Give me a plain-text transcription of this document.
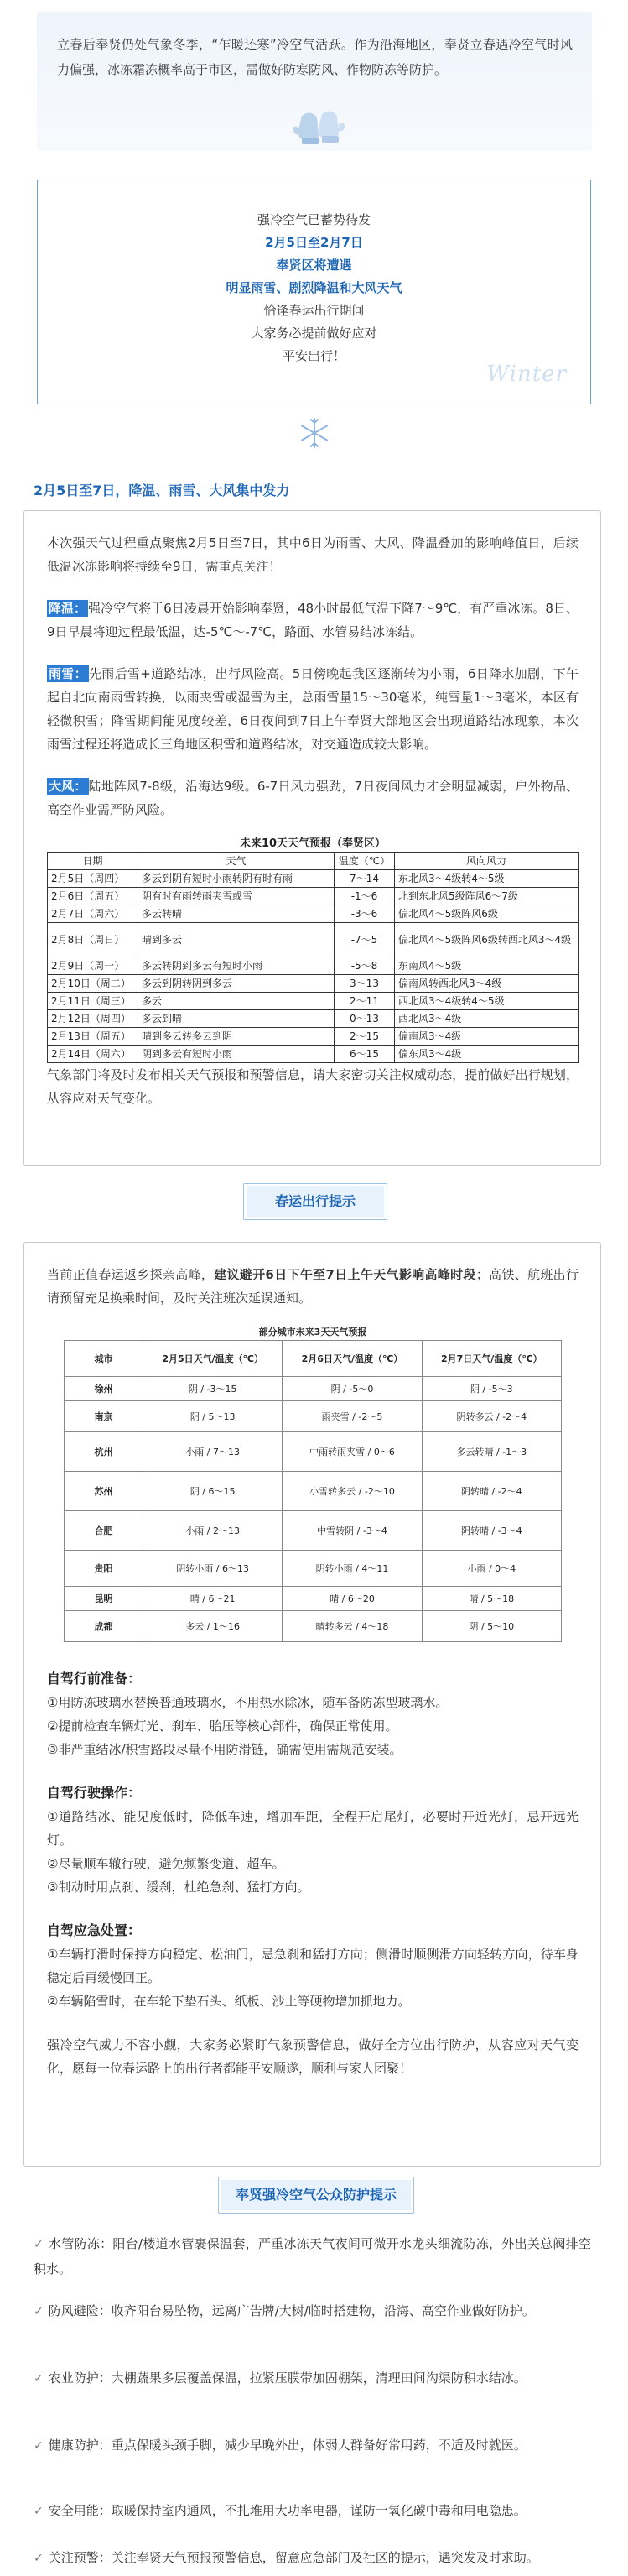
立春后奉贤仍处气象冬季，“乍暖还寒”冷空气活跃。作为沿海地区，奉贤立春遇冷空气时风力偏强，冰冻霜冻概率高于市区，需做好防寒防风、作物防冻等防护。

强冷空气已蓄势待发
2月5日至2月7日
奉贤区将遭遇
明显雨雪、剧烈降温和大风天气
恰逢春运出行期间
大家务必提前做好应对
平安出行！
Winter
2月5日至7日，降温、雨雪、大风集中发力

本次强天气过程重点聚焦2月5日至7日，其中6日为雨雪、大风、降温叠加的影响峰值日，后续低温冰冻影响将持续至9日，需重点关注！

降温： 强冷空气将于6日凌晨开始影响奉贤，48小时最低气温下降7～9℃，有严重冰冻。8日、9日早晨将迎过程最低温，达-5℃～-7℃，路面、水管易结冰冻结。

雨雪： 先雨后雪+道路结冰，出行风险高。5日傍晚起我区逐渐转为小雨，6日降水加剧，下午起自北向南雨雪转换，以雨夹雪或湿雪为主，总雨雪量15～30毫米，纯雪量1～3毫米，本区有轻微积雪；降雪期间能见度较差，6日夜间到7日上午奉贤大部地区会出现道路结冰现象，本次雨雪过程还将造成长三角地区积雪和道路结冰，对交通造成较大影响。

大风： 陆地阵风7-8级，沿海达9级。6-7日风力强劲，7日夜间风力才会明显减弱，户外物品、高空作业需严防风险。

未来10天天气预报（奉贤区）
日期	天气	温度（℃）	风向风力
2月5日（周四）	多云到阴有短时小雨转阴有时有雨	7～14	东北风3～4级转4～5级
2月6日（周五）	阴有时有雨转雨夹雪或雪	-1～6	北到东北风5级阵风6～7级
2月7日（周六）	多云转晴	-3～6	偏北风4～5级阵风6级
2月8日（周日）	晴到多云	-7～5	偏北风4～5级阵风6级转西北风3～4级
2月9日（周一）	多云转阴到多云有短时小雨	-5～8	东南风4～5级
2月10日（周二）	多云到阴转阴到多云	3～13	偏南风转西北风3～4级
2月11日（周三）	多云	2～11	西北风3～4级转4～5级
2月12日（周四）	多云到晴	0～13	西北风3～4级
2月13日（周五）	晴到多云转多云到阴	2～15	偏南风3～4级
2月14日（周六）	阴到多云有短时小雨	6～15	偏东风3～4级

气象部门将及时发布相关天气预报和预警信息，请大家密切关注权威动态，提前做好出行规划，从容应对天气变化。

春运出行提示

当前正值春运返乡探亲高峰，建议避开6日下午至7日上午天气影响高峰时段；高铁、航班出行请预留充足换乘时间，及时关注班次延误通知。

部分城市未来3天天气预报
城市	2月5日天气/温度（℃）	2月6日天气/温度（℃）	2月7日天气/温度（℃）
徐州	阴 / -3～15	阴 / -5～0	阴 / -5～3
南京	阴 / 5～13	雨夹雪 / -2～5	阴转多云 / -2～4
杭州	小雨 / 7～13	中雨转雨夹雪 / 0～6	多云转晴 / -1～3
苏州	阴 / 6～15	小雪转多云 / -2～10	阴转晴 / -2～4
合肥	小雨 / 2～13	中雪转阴 / -3～4	阴转晴 / -3～4
贵阳	阴转小雨 / 6～13	阴转小雨 / 4～11	小雨 / 0～4
昆明	晴 / 6～21	晴 / 6～20	晴 / 5～18
成都	多云 / 1～16	晴转多云 / 4～18	阴 / 5～10

自驾行前准备：

①用防冻玻璃水替换普通玻璃水，不用热水除冰，随车备防冻型玻璃水。

②提前检查车辆灯光、刹车、胎压等核心部件，确保正常使用。

③非严重结冰/积雪路段尽量不用防滑链，确需使用需规范安装。

自驾行驶操作：

①道路结冰、能见度低时，降低车速，增加车距，全程开启尾灯，必要时开近光灯，忌开远光灯。

②尽量顺车辙行驶，避免频繁变道、超车。

③制动时用点刹、缓刹，杜绝急刹、猛打方向。

自驾应急处置：

①车辆打滑时保持方向稳定、松油门，忌急刹和猛打方向；侧滑时顺侧滑方向轻转方向，待车身稳定后再缓慢回正。

②车辆陷雪时，在车轮下垫石头、纸板、沙土等硬物增加抓地力。

强冷空气威力不容小觑，大家务必紧盯气象预警信息，做好全方位出行防护，从容应对天气变化，愿每一位春运路上的出行者都能平安顺遂，顺利与家人团聚！

奉贤强冷空气公众防护提示

✓ 水管防冻：阳台/楼道水管裹保温套，严重冰冻天气夜间可微开水龙头细流防冻，外出关总阀排空积水。

✓ 防风避险：收齐阳台易坠物，远离广告牌/大树/临时搭建物，沿海、高空作业做好防护。

✓ 农业防护：大棚蔬果多层覆盖保温，拉紧压膜带加固棚架，清理田间沟渠防积水结冰。

✓ 健康防护：重点保暖头颈手脚，减少早晚外出，体弱人群备好常用药，不适及时就医。

✓ 安全用能：取暖保持室内通风，不扎堆用大功率电器，谨防一氧化碳中毒和用电隐患。

✓ 关注预警：关注奉贤天气预报预警信息，留意应急部门及社区的提示，遇突发及时求助。
